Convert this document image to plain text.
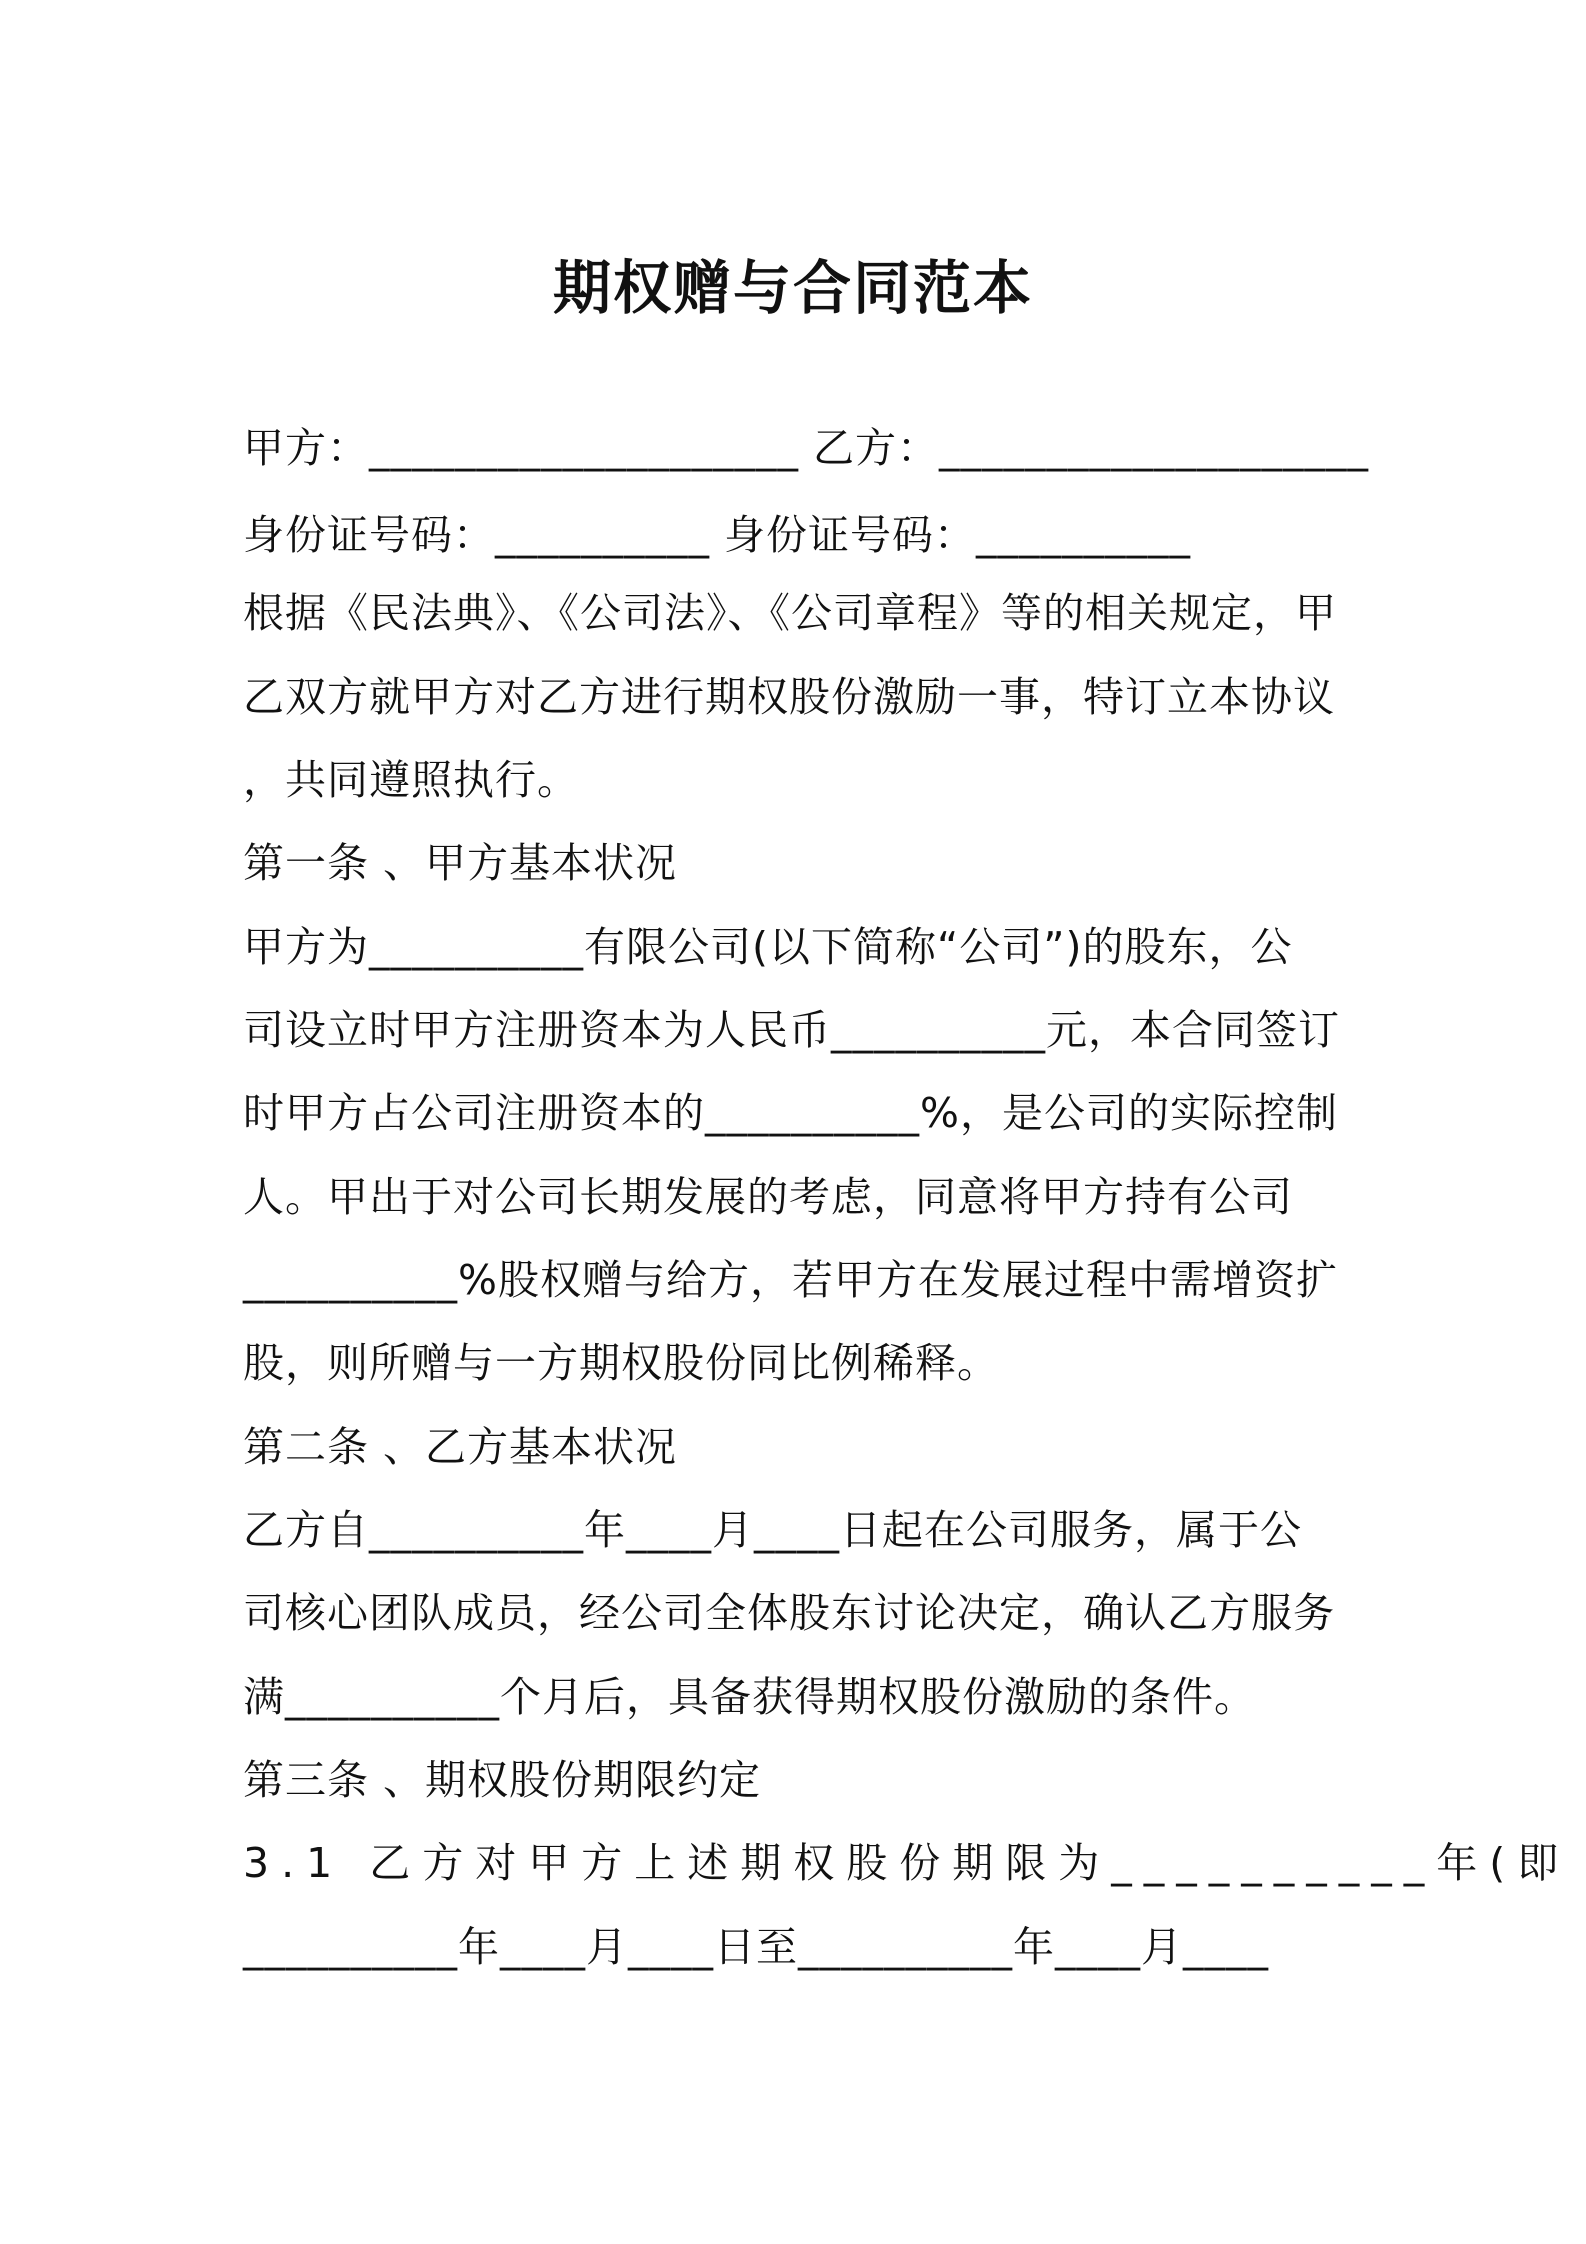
期权赠与合同范本
甲方：____________________ 乙方：____________________
身份证号码：__________ 身份证号码：__________
根据《民法典》、《公司法》、《公司章程》等的相关规定，甲
乙双方就甲方对乙方进行期权股份激励一事，特订立本协议
，共同遵照执行。
第一条 、甲方基本状况
甲方为__________有限公司(以下简称“公司”)的股东，公
司设立时甲方注册资本为人民币__________元，本合同签订
时甲方占公司注册资本的__________%，是公司的实际控制
人。甲出于对公司长期发展的考虑，同意将甲方持有公司
__________%股权赠与给方，若甲方在发展过程中需增资扩
股，则所赠与一方期权股份同比例稀释。
第二条 、乙方基本状况
乙方自__________年____月____日起在公司服务，属于公
司核心团队成员，经公司全体股东讨论决定，确认乙方服务
满__________个月后，具备获得期权股份激励的条件。
第三条 、期权股份期限约定
3.1 乙方对甲方上述期权股份期限为__________年(即
__________年____月____日至__________年____月____
